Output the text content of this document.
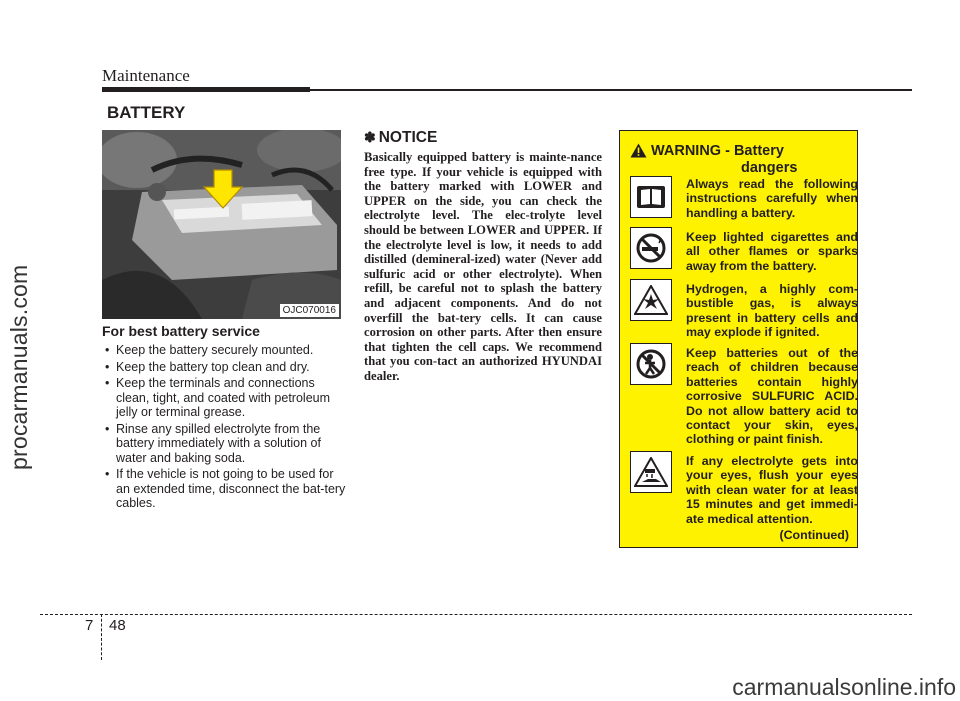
Maintenance
procarmanuals.com
BATTERY
OJC070016
For best battery service
• Keep the battery securely mounted.
• Keep the battery top clean and dry.
• Keep the terminals and connections clean, tight, and coated with petroleum jelly or terminal grease.
• Rinse any spilled electrolyte from the battery immediately with a solution of water and baking soda.
• If the vehicle is not going to be used for an extended time, disconnect the bat-tery cables.
✽ NOTICE
Basically equipped battery is mainte-nance free type. If your vehicle is equipped with the battery marked with LOWER and UPPER on the side, you can check the electrolyte level. The elec-trolyte level should be between LOWER and UPPER. If the electrolyte level is low, it needs to add distilled (demineral-ized) water (Never add sulfuric acid or other electrolyte). When refill, be careful not to splash the battery and adjacent components. And do not overfill the bat-tery cells. It can cause corrosion on other parts. After then ensure that tighten the cell caps. We recommend that you con-tact an authorized HYUNDAI dealer.
WARNING - Battery
dangers
Always read the following instructions carefully when handling a battery.
Keep lighted cigarettes and all other flames or sparks away from the battery.
Hydrogen, a highly com-bustible gas, is always present in battery cells and may explode if ignited.
Keep batteries out of the reach of children because batteries contain highly corrosive SULFURIC ACID. Do not allow battery acid to contact your skin, eyes, clothing or paint finish.
If any electrolyte gets into your eyes, flush your eyes with clean water for at least 15 minutes and get immedi-ate medical attention.
(Continued)
7 48
carmanualsonline.info
